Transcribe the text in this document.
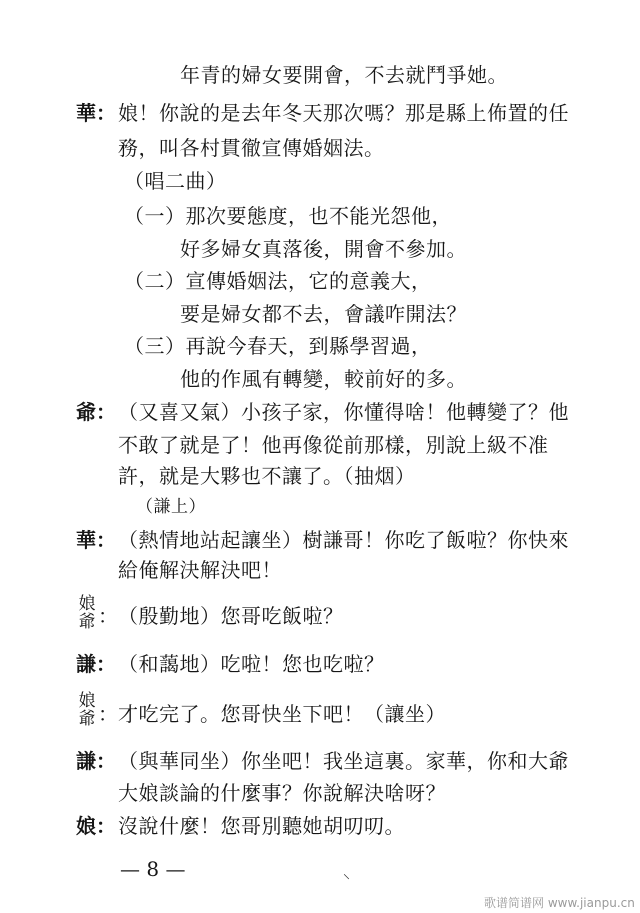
年青的婦女要開會，不去就鬥爭她。
華： 娘！你說的是去年冬天那次嗎？那是縣上佈置的任
務，叫各村貫徹宣傳婚姻法。
（唱二曲）
（一）那次要態度，也不能光怨他，
好多婦女真落後，開會不參加。
（二）宣傳婚姻法，它的意義大，
要是婦女都不去，會議咋開法？
（三）再說今春天，到縣學習過，
他的作風有轉變，較前好的多。
爺： （又喜又氣）小孩子家，你懂得啥！他轉變了？他
不敢了就是了！他再像從前那樣，別說上級不准
許，就是大夥也不讓了。（抽烟）
（謙上）
華： （熱情地站起讓坐）樹謙哥！你吃了飯啦？你快來
給俺解決解決吧！
娘
爺 ： （殷勤地）您哥吃飯啦？
謙： （和藹地）吃啦！您也吃啦？
娘
爺 ： 才吃完了。您哥快坐下吧！（讓坐）
謙： （與華同坐）你坐吧！我坐這裏。家華，你和大爺
大娘談論的什麼事？你說解決啥呀？
娘： 沒說什麼！您哥別聽她胡叨叨。
— 8 —	⸌
歌谱简谱网 www.jianpu.cn
